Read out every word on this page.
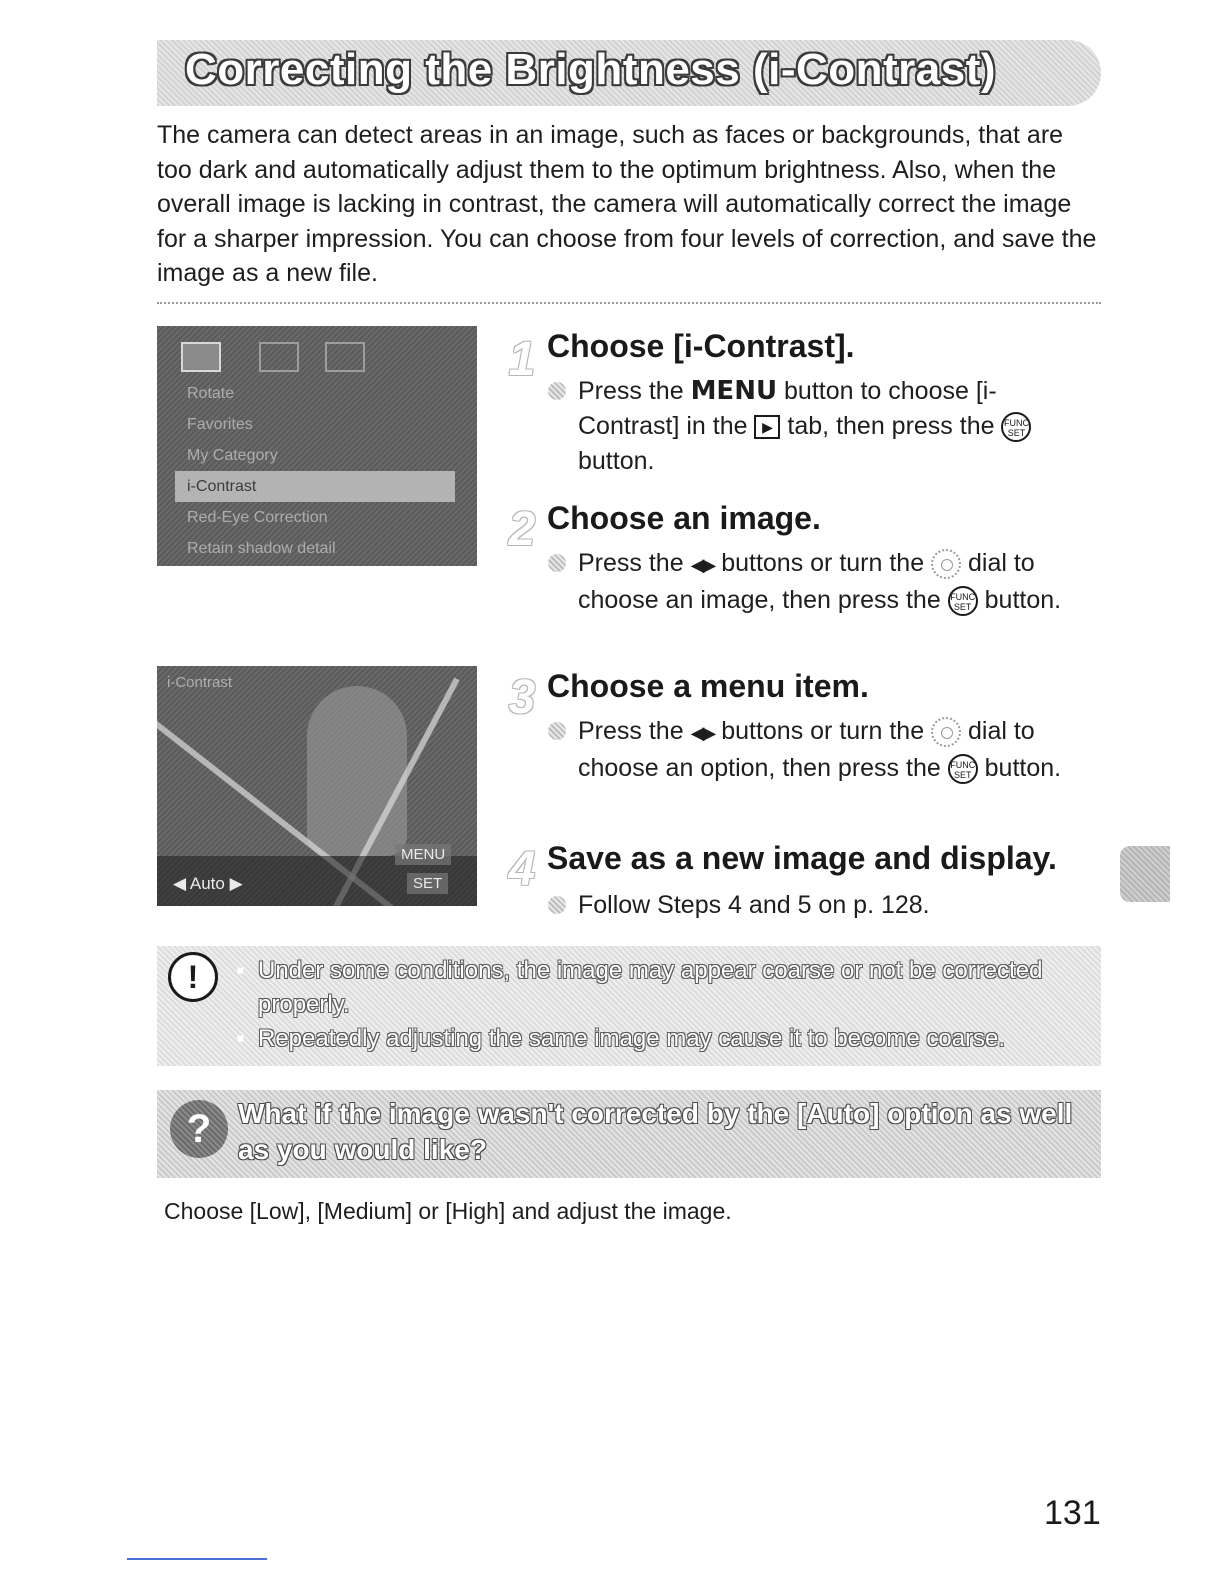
Correcting the Brightness (i-Contrast)

The camera can detect areas in an image, such as faces or backgrounds, that are too dark and automatically adjust them to the optimum brightness. Also, when the overall image is lacking in contrast, the camera will automatically correct the image for a sharper impression. You can choose from four levels of correction, and save the image as a new file.

Rotate
Favorites
My Category
i-Contrast
Red-Eye Correction
Retain shadow detail
i-Contrast
MENU
◀ Auto ▶	SET
1 Choose [i-Contrast].

Press the MENU button to choose [i-Contrast] in the ▶ tab, then press the FUNC SET button.

2 Choose an image.

Press the ◀▶ buttons or turn the  dial to choose an image, then press the FUNC SET button.

3 Choose a menu item.

Press the ◀▶ buttons or turn the  dial to choose an option, then press the FUNC SET button.

4 Save as a new image and display.

Follow Steps 4 and 5 on p. 128.

!
▪	Under some conditions, the image may appear coarse or not be corrected properly.
▪ Repeatedly adjusting the same image may cause it to become coarse.
? What if the image wasn't corrected by the [Auto] option as well as you would like?
Choose [Low], [Medium] or [High] and adjust the image.
131
